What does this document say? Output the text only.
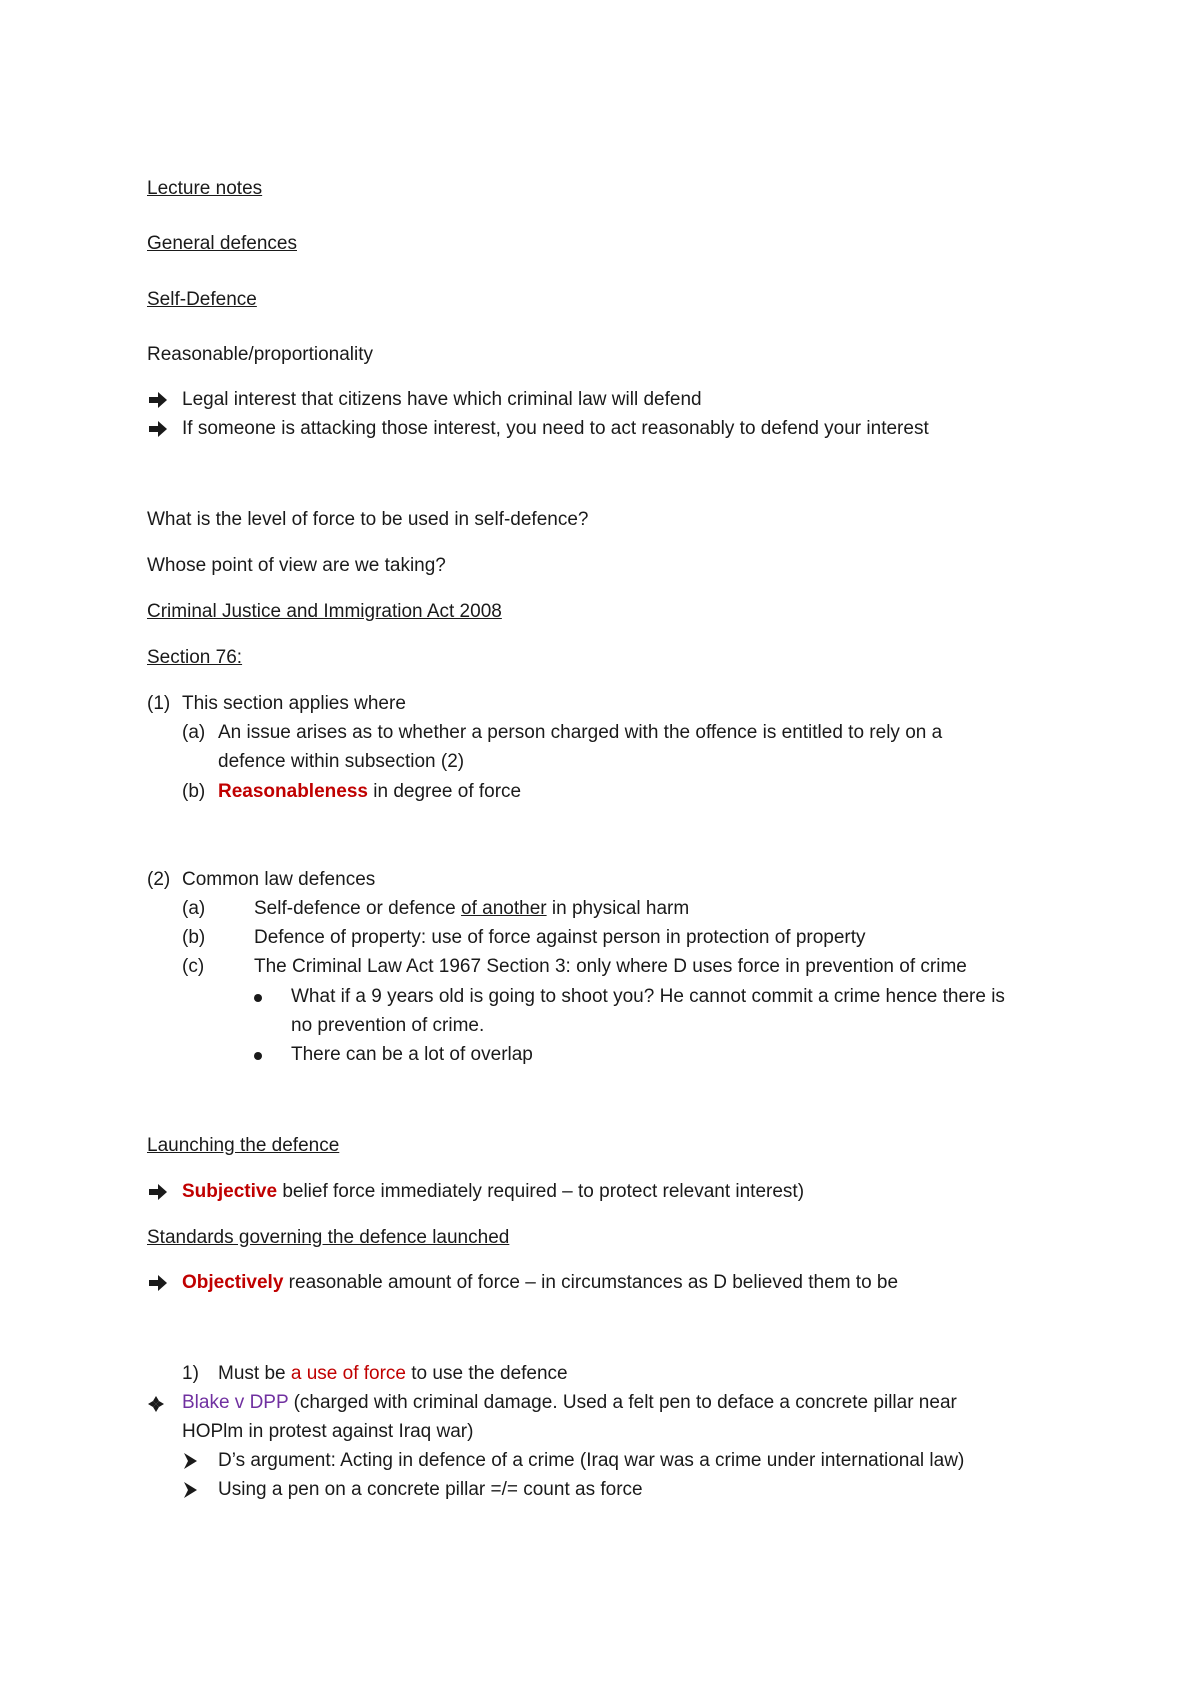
Lecture notes
General defences
Self-Defence
Reasonable/proportionality
Legal interest that citizens have which criminal law will defend
If someone is attacking those interest, you need to act reasonably to defend your interest
What is the level of force to be used in self-defence?
Whose point of view are we taking?
Criminal Justice and Immigration Act 2008
Section 76:
(1) This section applies where
(a) An issue arises as to whether a person charged with the offence is entitled to rely on a
defence within subsection (2)
(b) Reasonableness in degree of force
(2) Common law defences
(a)	Self-defence or defence of another in physical harm
(b)	Defence of property: use of force against person in protection of property
(c)	The Criminal Law Act 1967 Section 3: only where D uses force in prevention of crime
What if a 9 years old is going to shoot you? He cannot commit a crime hence there is
no prevention of crime.
There can be a lot of overlap
Launching the defence
Subjective belief force immediately required – to protect relevant interest)
Standards governing the defence launched
Objectively reasonable amount of force – in circumstances as D believed them to be
1) Must be a use of force to use the defence
Blake v DPP (charged with criminal damage. Used a felt pen to deface a concrete pillar near
HOPlm in protest against Iraq war)
D’s argument: Acting in defence of a crime (Iraq war was a crime under international law)
Using a pen on a concrete pillar =/= count as force
